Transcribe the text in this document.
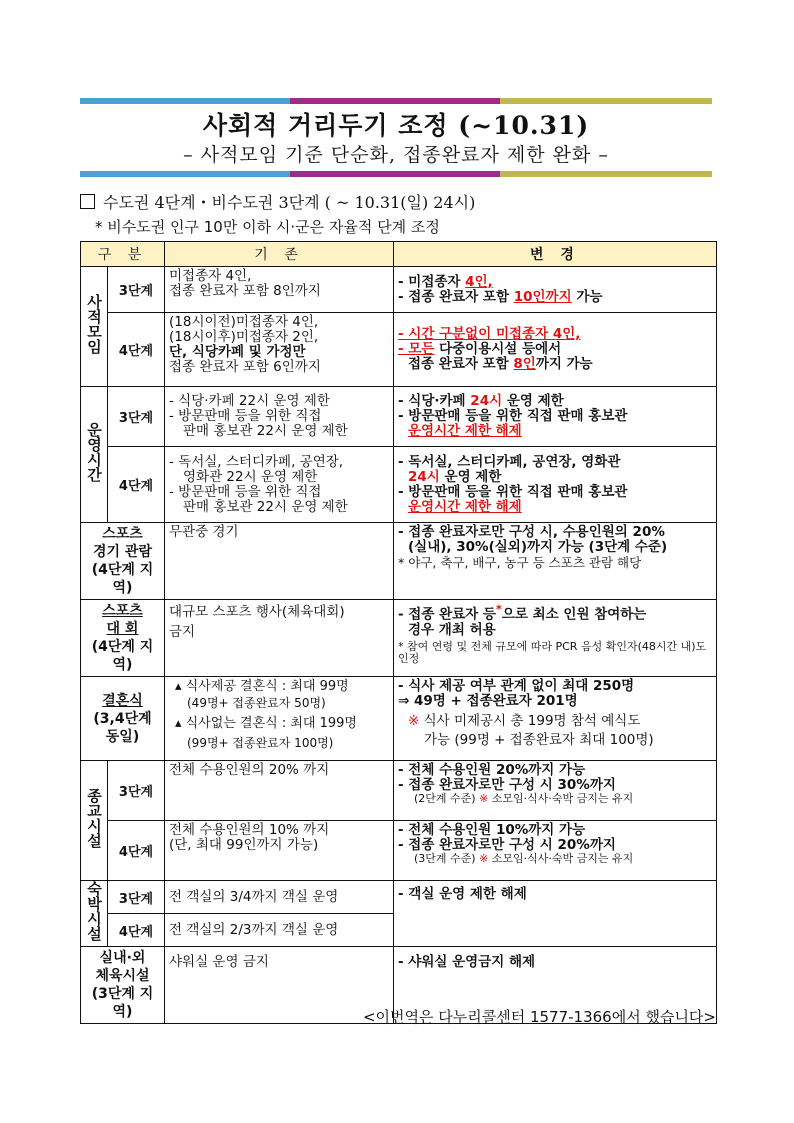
사회적 거리두기 조정 (~10.31)
– 사적모임 기준 단순화, 접종완료자 제한 완화 –
수도권 4단계・비수도권 3단계 ( ~ 10.31(일) 24시)
* 비수도권 인구 10만 이하 시·군은 자율적 단계 조정
구 분		기 존	변 경
사적모임	3단계	미접종자 4인,
접종 완료자 포함 8인까지	- 미접종자 4인,
- 접종 완료자 포함 10인까지 가능

	4단계	(18시이전)미접종자 4인,
(18시이후)미접종자 2인,
단, 식당카페 및 가정만
접종 완료자 포함 6인까지	- 시간 구분없이 미접종자 4인,
- 모든 다중이용시설 등에서
접종 완료자 포함 8인까지 가능

운영시간	3단계	- 식당·카페 22시 운영 제한
- 방문판매 등을 위한 직접
판매 홍보관 22시 운영 제한	- 식당·카페 24시 운영 제한
- 방문판매 등을 위한 직접 판매 홍보관
운영시간 제한 해제

	4단계	- 독서실, 스터디카페, 공연장,
영화관 22시 운영 제한
- 방문판매 등을 위한 직접
판매 홍보관 22시 운영 제한	- 독서실, 스터디카페, 공연장, 영화관
24시 운영 제한
- 방문판매 등을 위한 직접 판매 홍보관
운영시간 제한 해제

스포츠
경기 관람
(4단계 지역)		무관중 경기	- 접종 완료자로만 구성 시, 수용인원의 20%
(실내), 30%(실외)까지 가능 (3단계 수준)
* 야구, 축구, 배구, 농구 등 스포츠 관람 해당

스포츠
대 회
(4단계 지역)		대규모 스포츠 행사(체육대회)
금지	- 접종 완료자 등*으로 최소 인원 참여하는
경우 개최 허용
* 참여 연령 및 전체 규모에 따라 PCR 음성 확인자(48시간 내)도 인정

결혼식
(3,4단계 동일)		▴ 식사제공 결혼식 : 최대 99명
(49명+ 접종완료자 50명)
▴ 식사없는 결혼식 : 최대 199명
(99명+ 접종완료자 100명)	- 식사 제공 여부 관계 없이 최대 250명
⇒ 49명 + 접종완료자 201명
※ 식사 미제공시 총 199명 참석 예식도
가능 (99명 + 접종완료자 최대 100명)

종교시설	3단계	전체 수용인원의 20% 까지	- 전체 수용인원 20%까지 가능
- 접종 완료자로만 구성 시 30%까지
(2단계 수준) ※ 소모임·식사·숙박 금지는 유지

	4단계	전체 수용인원의 10% 까지
(단, 최대 99인까지 가능)	- 전체 수용인원 10%까지 가능
- 접종 완료자로만 구성 시 20%까지
(3단계 수준) ※ 소모임·식사·숙박 금지는 유지

숙박시설	3단계	전 객실의 3/4까지 객실 운영	- 객실 운영 제한 해제
	4단계	전 객실의 2/3까지 객실 운영	

실내·외
체육시설
(3단계 지역)		샤워실 운영 금지	- 샤워실 운영금지 해제
<이번역은 다누리콜센터 1577-1366에서 했습니다>
